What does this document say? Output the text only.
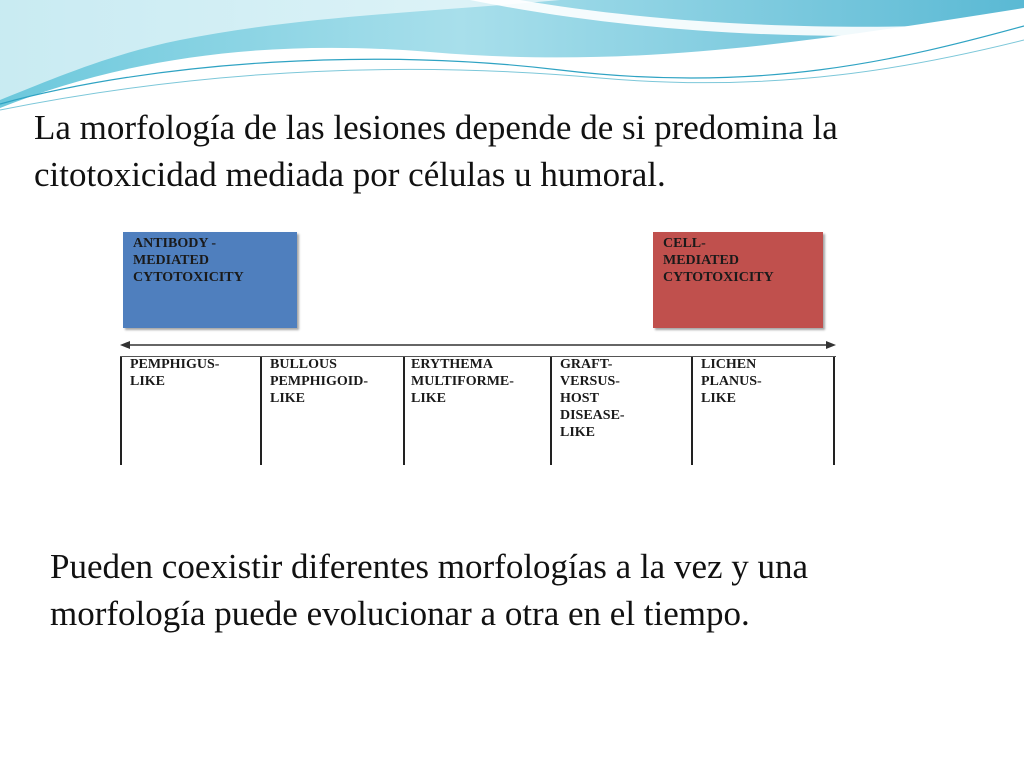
La morfología de las lesiones depende de si predomina la citotoxicidad mediada por células u humoral.

ANTIBODY -
MEDIATED
CYTOTOXICITY
CELL-
MEDIATED
CYTOTOXICITY
PEMPHIGUS-
LIKE
BULLOUS
PEMPHIGOID-
LIKE
ERYTHEMA
MULTIFORME-
LIKE
GRAFT-
VERSUS-
HOST
DISEASE-
LIKE
LICHEN
PLANUS-
LIKE

Pueden coexistir diferentes morfologías a la vez y una morfología puede evolucionar a otra en el tiempo.
